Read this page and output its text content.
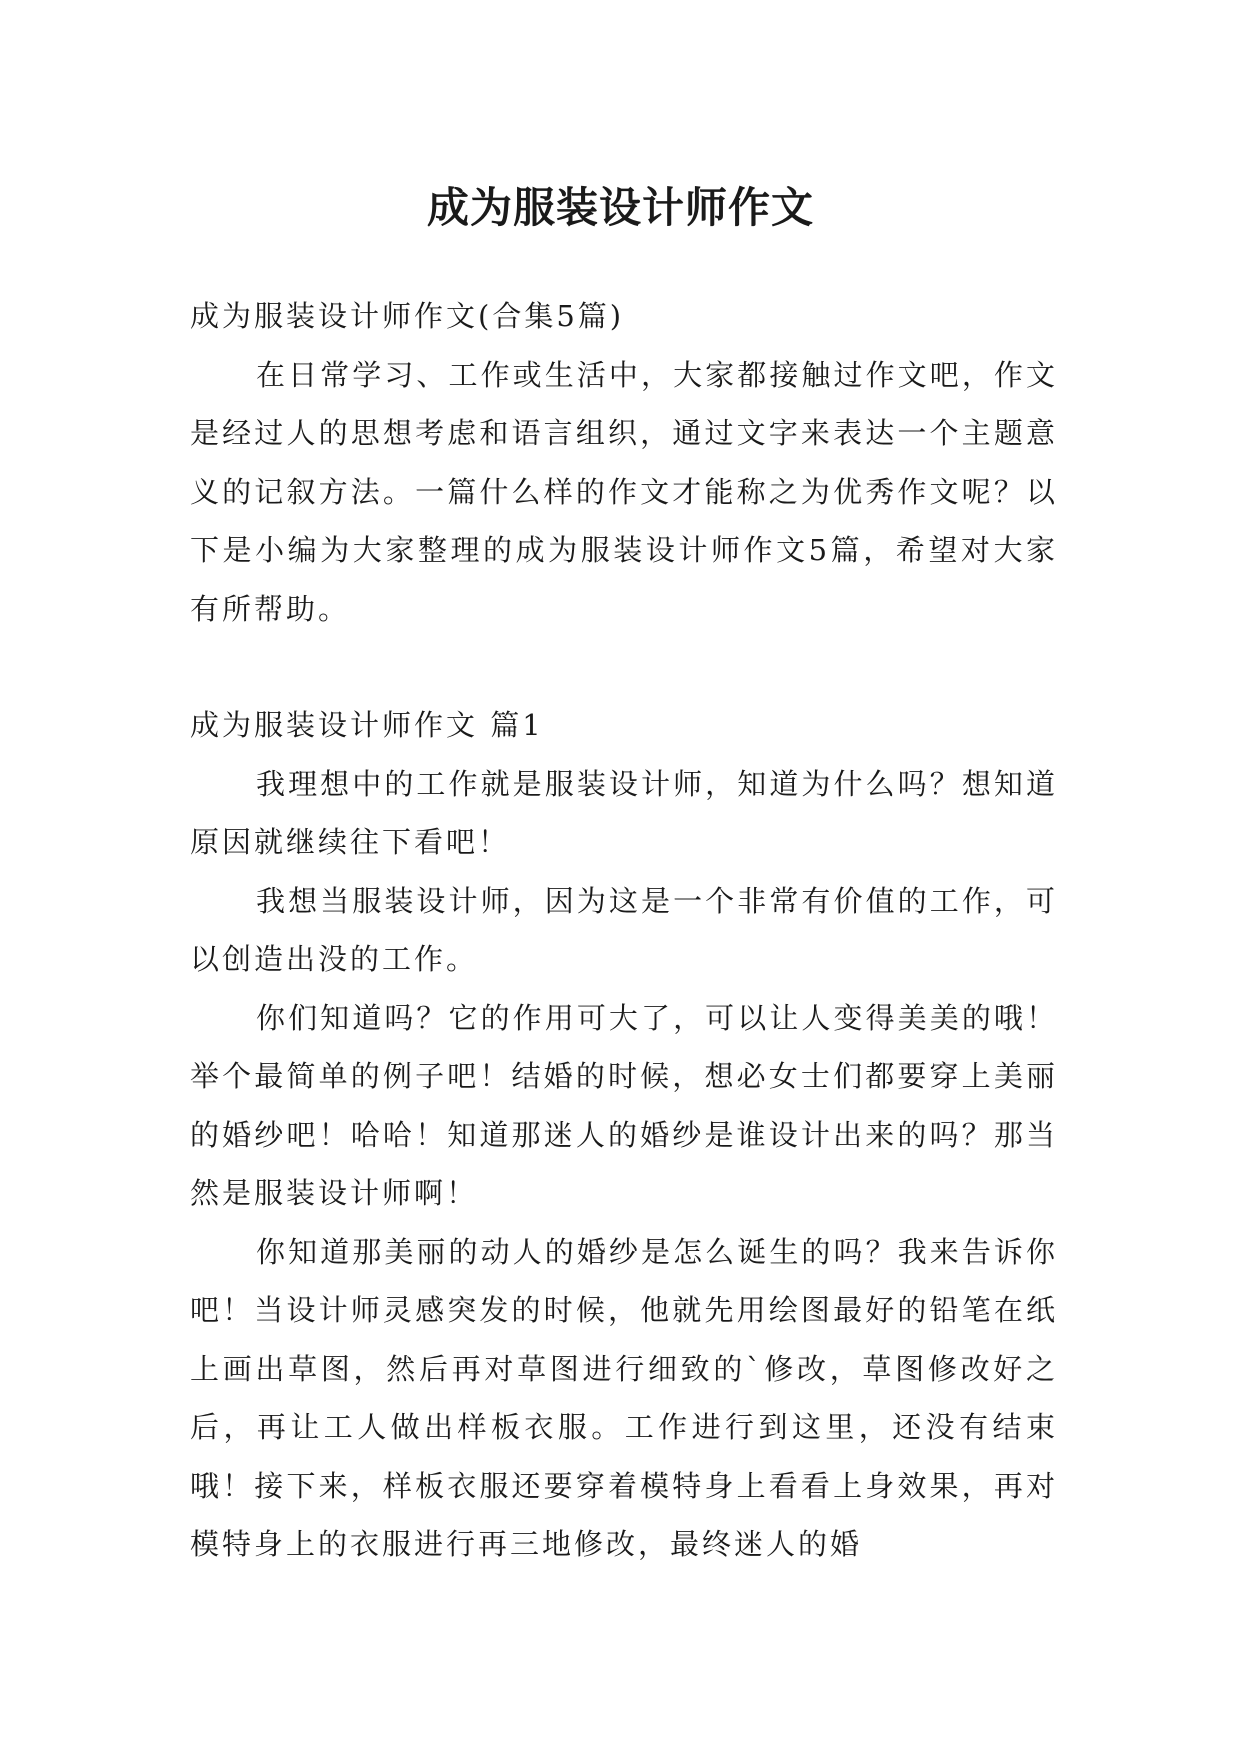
成为服装设计师作文

成为服装设计师作文(合集5篇)

在日常学习、工作或生活中，大家都接触过作文吧，作文是经过人的思想考虑和语言组织，通过文字来表达一个主题意义的记叙方法。一篇什么样的作文才能称之为优秀作文呢？以下是小编为大家整理的成为服装设计师作文5篇，希望对大家有所帮助。

成为服装设计师作文 篇1

我理想中的工作就是服装设计师，知道为什么吗？想知道原因就继续往下看吧！

我想当服装设计师，因为这是一个非常有价值的工作，可以创造出没的工作。

你们知道吗？它的作用可大了，可以让人变得美美的哦！举个最简单的例子吧！结婚的时候，想必女士们都要穿上美丽的婚纱吧！哈哈！知道那迷人的婚纱是谁设计出来的吗？那当然是服装设计师啊！

你知道那美丽的动人的婚纱是怎么诞生的吗？我来告诉你吧！当设计师灵感突发的时候，他就先用绘图最好的铅笔在纸上画出草图，然后再对草图进行细致的`修改，草图修改好之后，再让工人做出样板衣服。工作进行到这里，还没有结束哦！接下来，样板衣服还要穿着模特身上看看上身效果，再对模特身上的衣服进行再三地修改，最终迷人的婚
